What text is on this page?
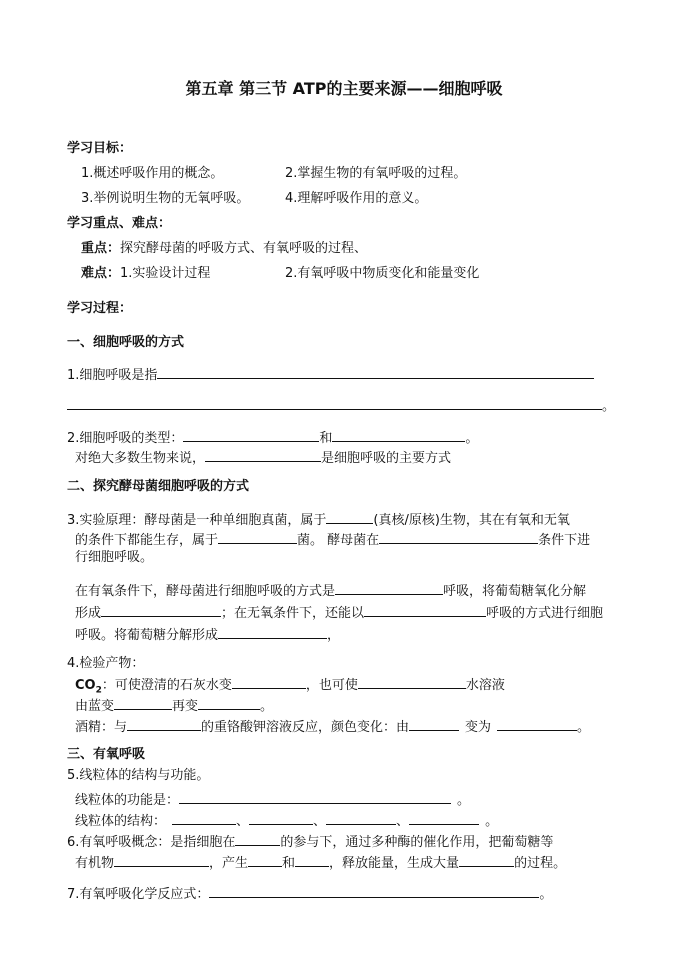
第五章 第三节 ATP的主要来源——细胞呼吸
学习目标：
1.概述呼吸作用的概念。	2.掌握生物的有氧呼吸的过程。
3.举例说明生物的无氧呼吸。	4.理解呼吸作用的意义。
学习重点、难点：
重点：探究酵母菌的呼吸方式、有氧呼吸的过程、
难点：1.实验设计过程	2.有氧呼吸中物质变化和能量变化
学习过程：
一、细胞呼吸的方式
1.细胞呼吸是指
。
2.细胞呼吸的类型：	和	。
对绝大多数生物来说，	是细胞呼吸的主要方式
二、探究酵母菌细胞呼吸的方式
3.实验原理：酵母菌是一种单细胞真菌，属于	(真核/原核)生物，其在有氧和无氧
的条件下都能生存，属于	菌。 酵母菌在	条件下进
行细胞呼吸。
在有氧条件下，酵母菌进行细胞呼吸的方式是	呼吸，将葡萄糖氧化分解
形成	；在无氧条件下，还能以	呼吸的方式进行细胞
呼吸。将葡萄糖分解形成	，
4.检验产物：
$CO_2$：可使澄清的石灰水变	，也可使	水溶液
由蓝变	再变	。
酒精：与	的重铬酸钾溶液反应，颜色变化：由	变为	。
三、有氧呼吸
5.线粒体的结构与功能。
线粒体的功能是：	。
线粒体的结构：	、	、	、	。
6.有氧呼吸概念：是指细胞在	的参与下，通过多种酶的催化作用，把葡萄糖等
有机物	，产生	和	，释放能量，生成大量	的过程。
7.有氧呼吸化学反应式：	。
